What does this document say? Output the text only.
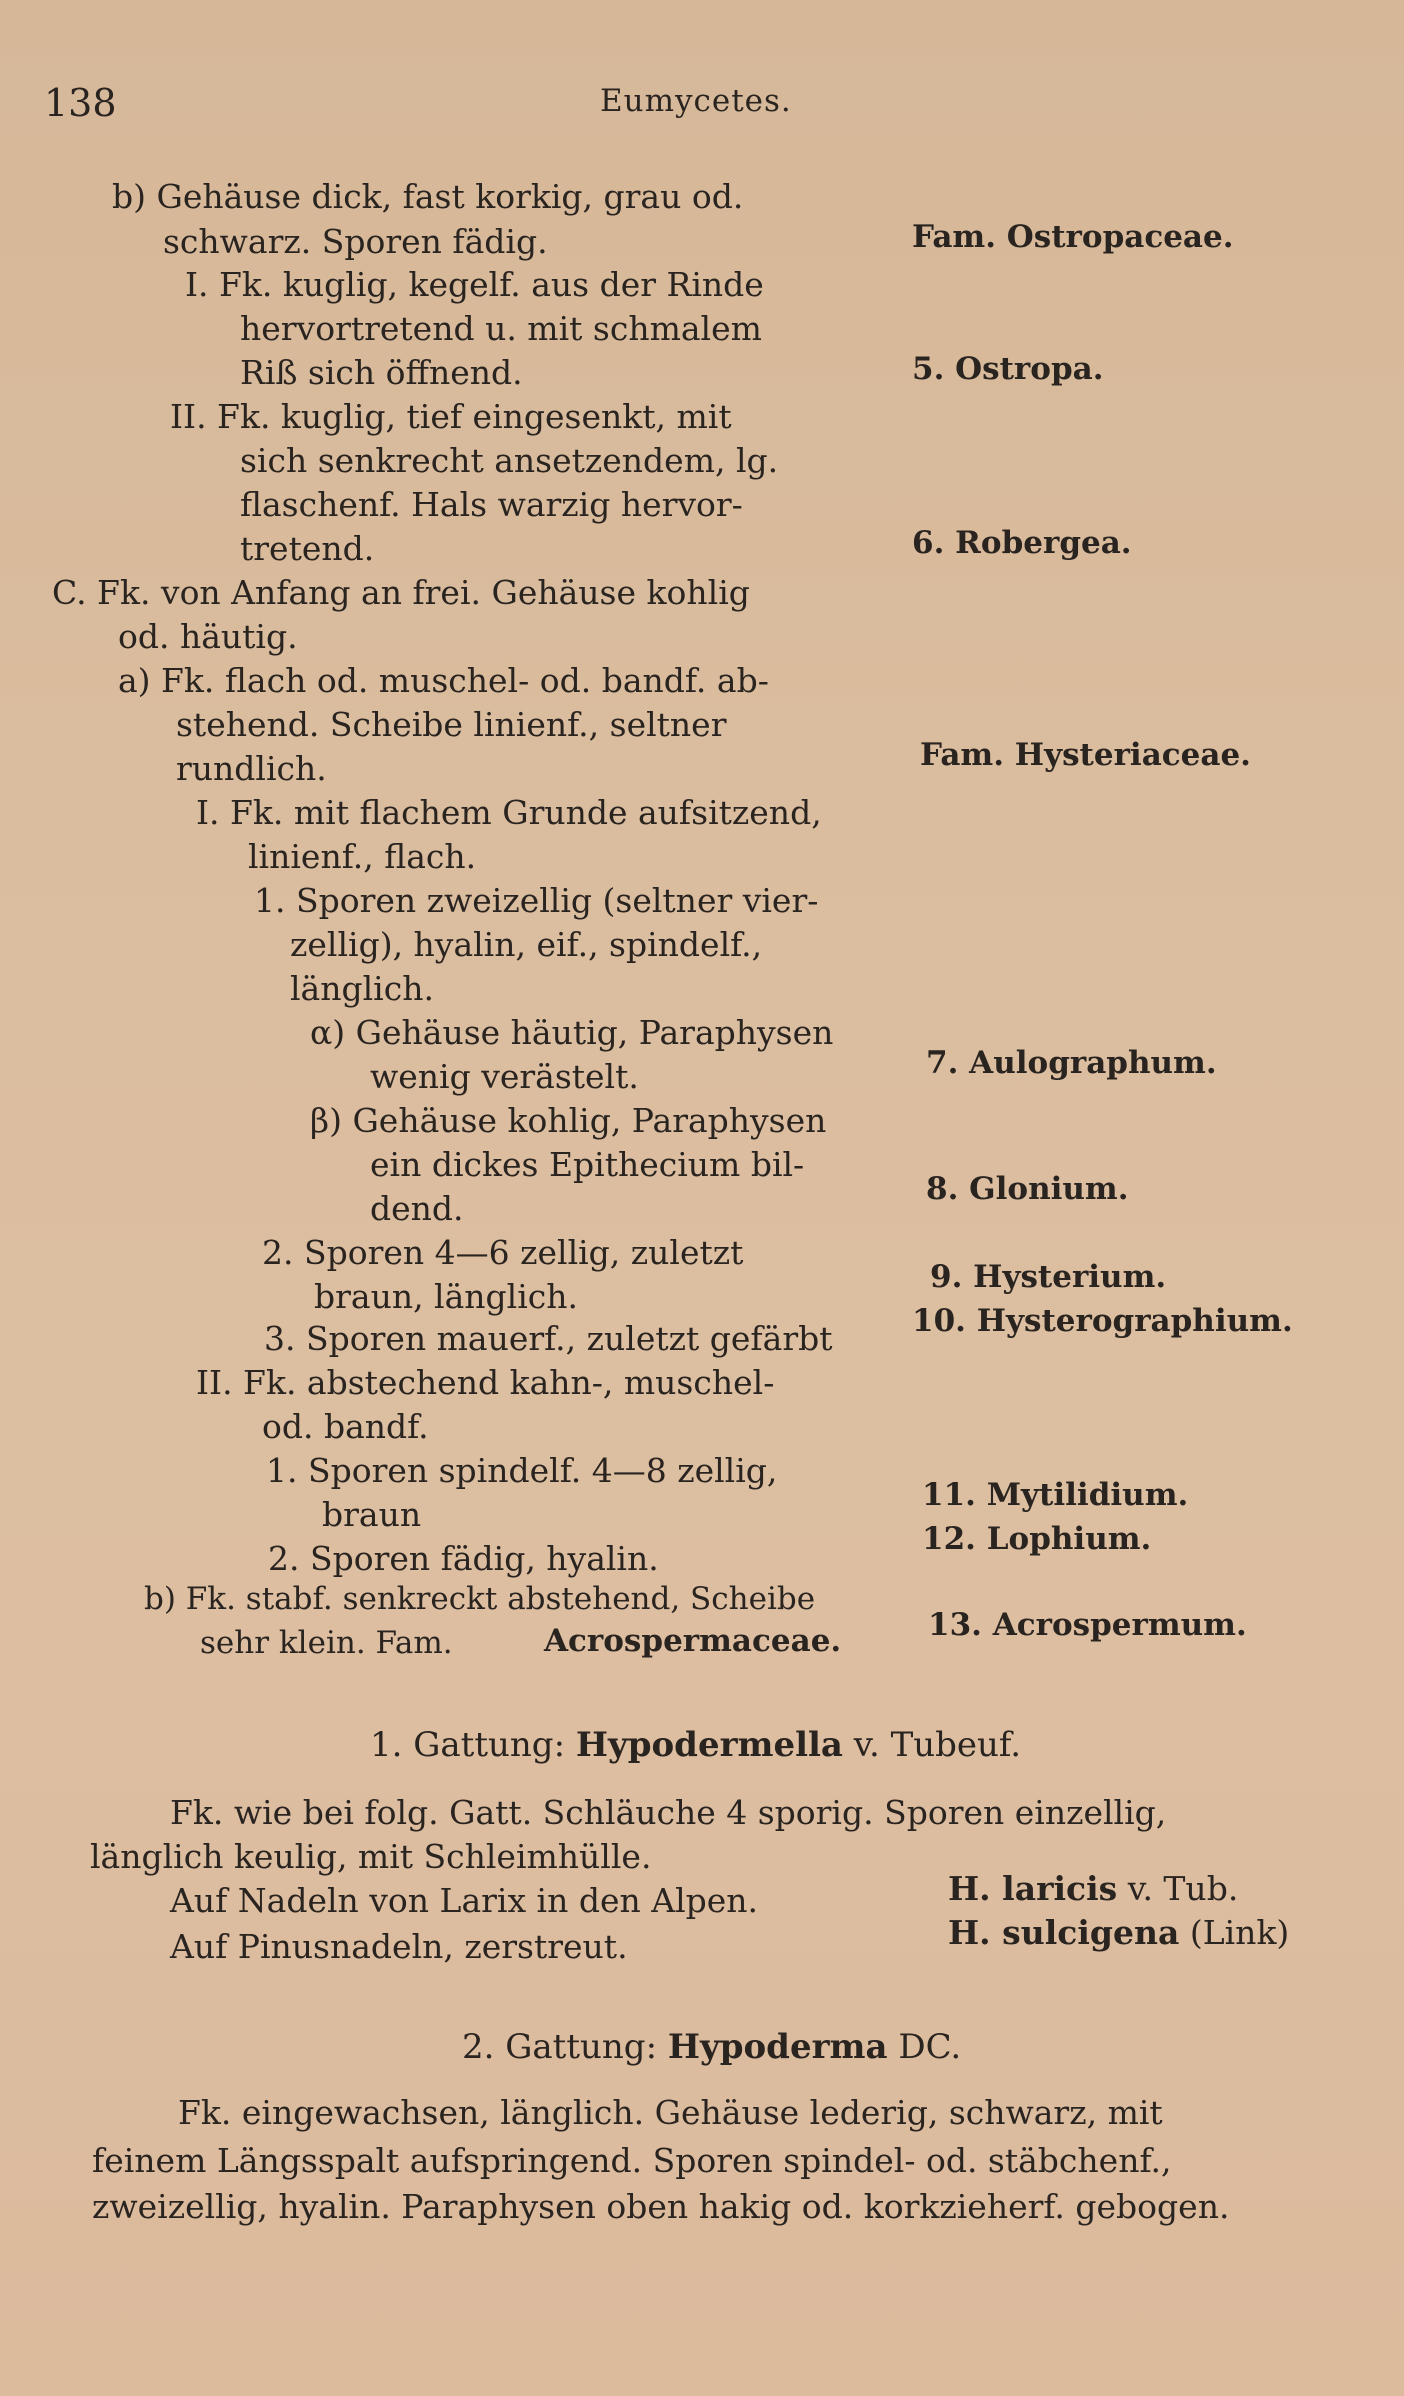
138	Eumycetes.
b) Gehäuse dick, fast korkig, grau od.
schwarz. Sporen fädig.	Fam. Ostropaceae.
I. Fk. kuglig, kegelf. aus der Rinde
hervortretend u. mit schmalem
Riß sich öffnend.	5. Ostropa.
II. Fk. kuglig, tief eingesenkt, mit
sich senkrecht ansetzendem, lg.
flaschenf. Hals warzig hervor-
tretend.	6. Robergea.
C. Fk. von Anfang an frei. Gehäuse kohlig
od. häutig.
a) Fk. flach od. muschel- od. bandf. ab-
stehend. Scheibe linienf., seltner
rundlich.	Fam. Hysteriaceae.
I. Fk. mit flachem Grunde aufsitzend,
linienf., flach.
1. Sporen zweizellig (seltner vier-
zellig), hyalin, eif., spindelf.,
länglich.
α) Gehäuse häutig, Paraphysen
wenig verästelt.	7. Aulographum.
β) Gehäuse kohlig, Paraphysen
ein dickes Epithecium bil-
dend.	8. Glonium.
2. Sporen 4—6 zellig, zuletzt
braun, länglich.	9. Hysterium.
3. Sporen mauerf., zuletzt gefärbt	10. Hysterographium.
II. Fk. abstechend kahn-, muschel-
od. bandf.
1. Sporen spindelf. 4—8 zellig,
braun	11. Mytilidium.
2. Sporen fädig, hyalin.	12. Lophium.
b) Fk. stabf. senkreckt abstehend, Scheibe
sehr klein. Fam.	Acrospermaceae.	13. Acrospermum.
1. Gattung: Hypodermella v. Tubeuf.
Fk. wie bei folg. Gatt. Schläuche 4 sporig. Sporen einzellig,
länglich keulig, mit Schleimhülle.
Auf Nadeln von Larix in den Alpen.	H. laricis v. Tub.
Auf Pinusnadeln, zerstreut.	H. sulcigena (Link)
2. Gattung: Hypoderma DC.
Fk. eingewachsen, länglich. Gehäuse lederig, schwarz, mit
feinem Längsspalt aufspringend. Sporen spindel- od. stäbchenf.,
zweizellig, hyalin. Paraphysen oben hakig od. korkzieherf. gebogen.
